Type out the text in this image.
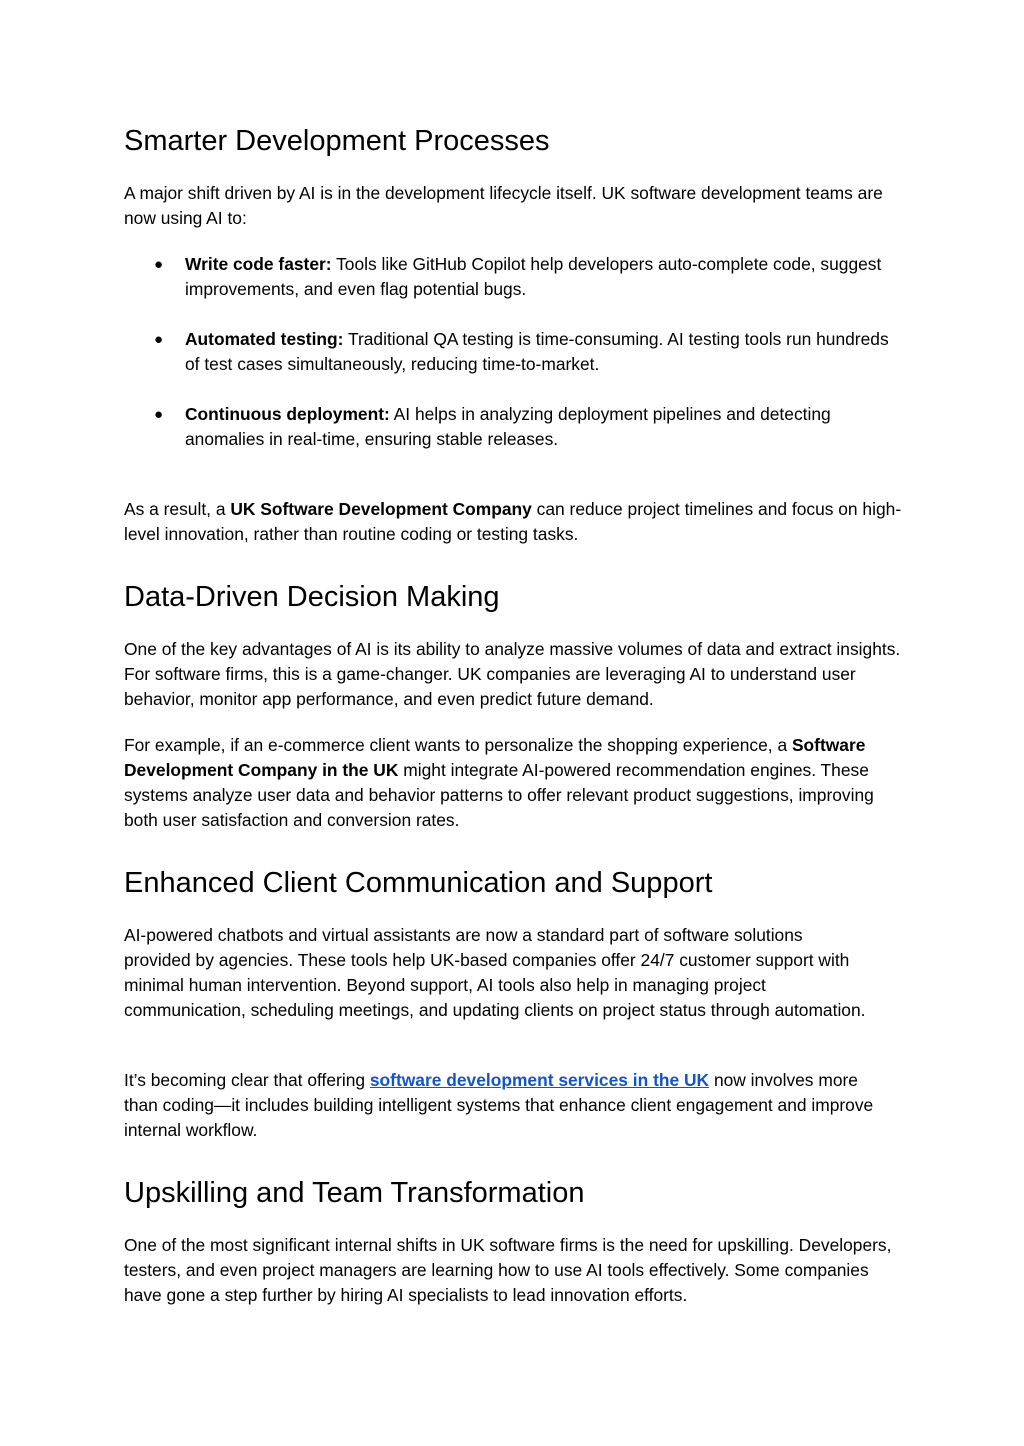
Smarter Development Processes

A major shift driven by AI is in the development lifecycle itself. UK software development teams are now using AI to:

● Write code faster: Tools like GitHub Copilot help developers auto-complete code, suggest improvements, and even flag potential bugs.
● Automated testing: Traditional QA testing is time-consuming. AI testing tools run hundreds of test cases simultaneously, reducing time-to-market.
● Continuous deployment: AI helps in analyzing deployment pipelines and detecting anomalies in real-time, ensuring stable releases.

As a result, a UK Software Development Company can reduce project timelines and focus on high-level innovation, rather than routine coding or testing tasks.

Data-Driven Decision Making

One of the key advantages of AI is its ability to analyze massive volumes of data and extract insights. For software firms, this is a game-changer. UK companies are leveraging AI to understand user behavior, monitor app performance, and even predict future demand.

For example, if an e-commerce client wants to personalize the shopping experience, a Software Development Company in the UK might integrate AI-powered recommendation engines. These systems analyze user data and behavior patterns to offer relevant product suggestions, improving both user satisfaction and conversion rates.

Enhanced Client Communication and Support

AI-powered chatbots and virtual assistants are now a standard part of software solutions provided by agencies. These tools help UK-based companies offer 24/7 customer support with minimal human intervention. Beyond support, AI tools also help in managing project communication, scheduling meetings, and updating clients on project status through automation.

It’s becoming clear that offering software development services in the UK now involves more than coding—it includes building intelligent systems that enhance client engagement and improve internal workflow.

Upskilling and Team Transformation

One of the most significant internal shifts in UK software firms is the need for upskilling. Developers, testers, and even project managers are learning how to use AI tools effectively. Some companies have gone a step further by hiring AI specialists to lead innovation efforts.
